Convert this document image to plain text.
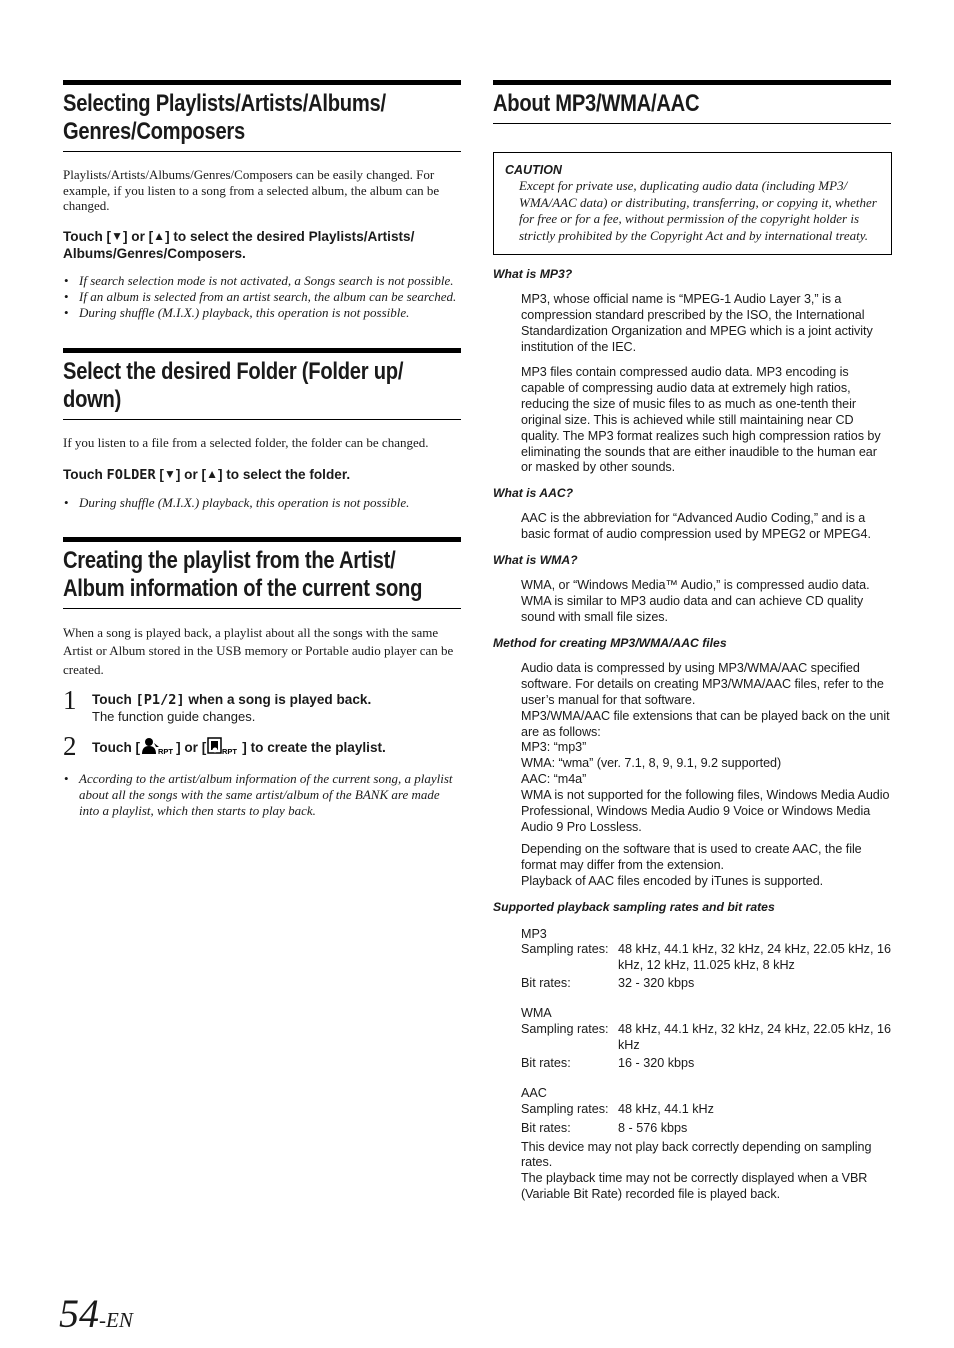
Selecting Playlists/Artists/Albums/
Genres/Composers

Playlists/Artists/Albums/Genres/Composers can be easily changed. For example, if you listen to a song from a selected album, the album can be changed.

Touch [▼] or [▲] to select the desired Playlists/Artists/ Albums/Genres/Composers.

• If search selection mode is not activated, a Songs search is not possible.
• If an album is selected from an artist search, the album can be searched.
• During shuffle (M.I.X.) playback, this operation is not possible.
Select the desired Folder (Folder up/
down)

If you listen to a file from a selected folder, the folder can be changed.

Touch FOLDER [▼] or [▲] to select the folder.

• During shuffle (M.I.X.) playback, this operation is not possible.
Creating the playlist from the Artist/
Album information of the current song

When a song is played back, a playlist about all the songs with the same Artist or Album stored in the USB memory or Portable audio player can be created.

1 Touch [P1/2] when a song is played back.
The function guide changes.
2 Touch [ RPT ] or [ RPT ] to create the playlist.
• According to the artist/album information of the current song, a playlist about all the songs with the same artist/album of the BANK are made into a playlist, which then starts to play back.
About MP3/WMA/AAC
CAUTION
Except for private use, duplicating audio data (including MP3/ WMA/AAC data) or distributing, transferring, or copying it, whether for free or for a fee, without permission of the copyright holder is strictly prohibited by the Copyright Act and by international treaty.

What is MP3?

MP3, whose official name is “MPEG-1 Audio Layer 3,” is a compression standard prescribed by the ISO, the International Standardization Organization and MPEG which is a joint activity institution of the IEC.

MP3 files contain compressed audio data. MP3 encoding is capable of compressing audio data at extremely high ratios, reducing the size of music files to as much as one-tenth their original size. This is achieved while still maintaining near CD quality. The MP3 format realizes such high compression ratios by eliminating the sounds that are either inaudible to the human ear or masked by other sounds.

What is AAC?

AAC is the abbreviation for “Advanced Audio Coding,” and is a basic format of audio compression used by MPEG2 or MPEG4.

What is WMA?

WMA, or “Windows Media™ Audio,” is compressed audio data. WMA is similar to MP3 audio data and can achieve CD quality sound with small file sizes.

Method for creating MP3/WMA/AAC files

Audio data is compressed by using MP3/WMA/AAC specified software. For details on creating MP3/WMA/AAC files, refer to the user’s manual for that software.

MP3/WMA/AAC file extensions that can be played back on the unit are as follows:

MP3: “mp3”

WMA: “wma” (ver. 7.1, 8, 9, 9.1, 9.2 supported)

AAC: “m4a”

WMA is not supported for the following files, Windows Media Audio Professional, Windows Media Audio 9 Voice or Windows Media Audio 9 Pro Lossless.

Depending on the software that is used to create AAC, the file format may differ from the extension.

Playback of AAC files encoded by iTunes is supported.

Supported playback sampling rates and bit rates

MP3

Sampling rates:	48 kHz, 44.1 kHz, 32 kHz, 24 kHz, 22.05 kHz, 16 kHz, 12 kHz, 11.025 kHz, 8 kHz
Bit rates:	32 - 320 kbps

WMA

Sampling rates:	48 kHz, 44.1 kHz, 32 kHz, 24 kHz, 22.05 kHz, 16 kHz
Bit rates:	16 - 320 kbps

AAC

Sampling rates:	48 kHz, 44.1 kHz
Bit rates:	8 - 576 kbps

This device may not play back correctly depending on sampling rates.

The playback time may not be correctly displayed when a VBR (Variable Bit Rate) recorded file is played back.

54-EN
